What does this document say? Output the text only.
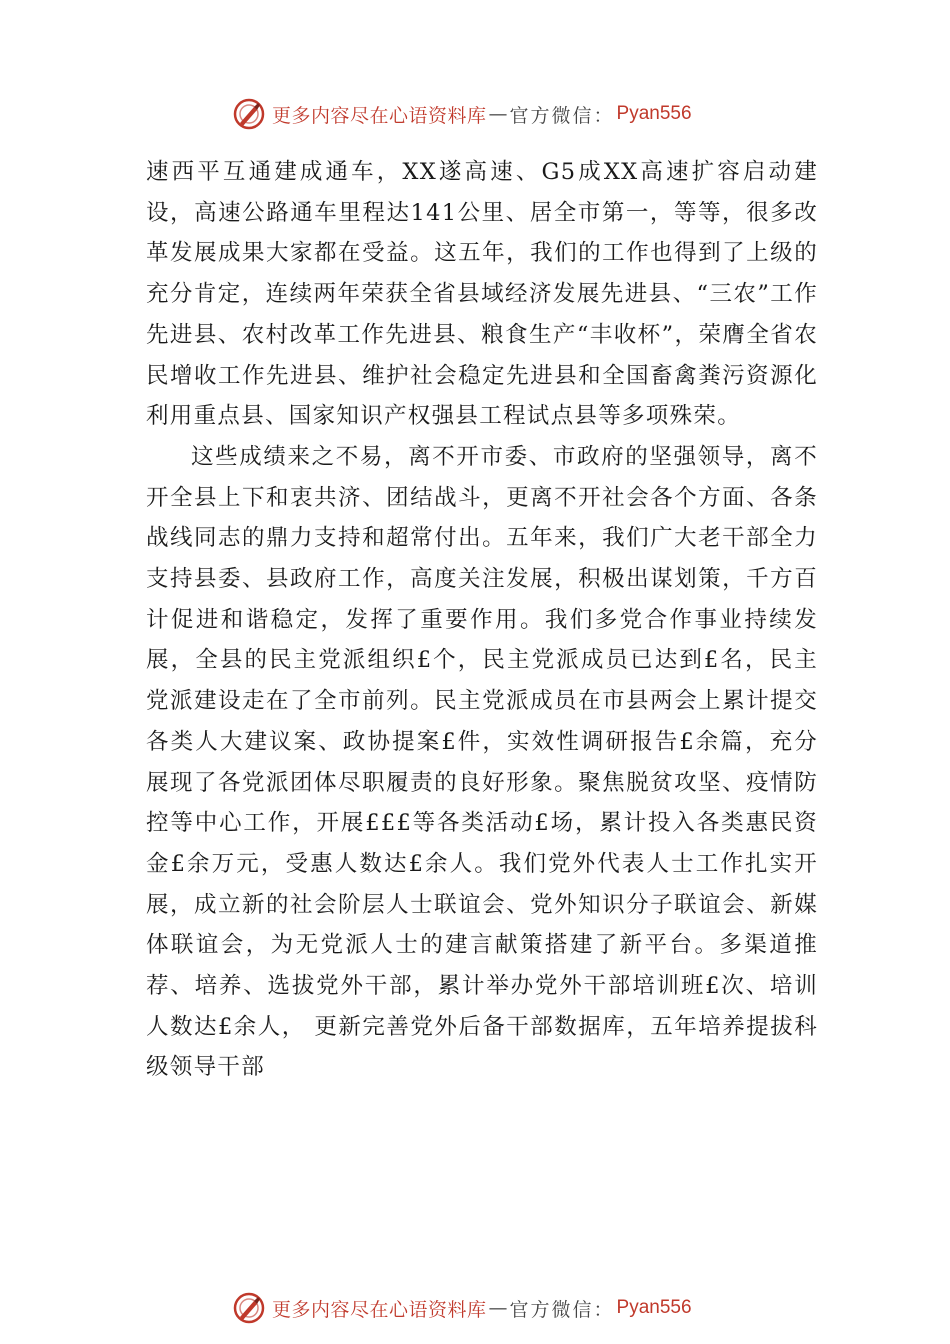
更多内容尽在心语资料库 — 官方微信： Pyan556

速西平互通建成通车，XX遂高速、G5成XX高速扩容启动建设，高速公路通车里程达141公里、居全市第一，等等，很多改革发展成果大家都在受益。这五年，我们的工作也得到了上级的充分肯定，连续两年荣获全省县域经济发展先进县、“三农”工作先进县、农村改革工作先进县、粮食生产“丰收杯”，荣膺全省农民增收工作先进县、维护社会稳定先进县和全国畜禽粪污资源化利用重点县、国家知识产权强县工程试点县等多项殊荣。

这些成绩来之不易，离不开市委、市政府的坚强领导，离不开全县上下和衷共济、团结战斗，更离不开社会各个方面、各条战线同志的鼎力支持和超常付出。五年来，我们广大老干部全力支持县委、县政府工作，高度关注发展，积极出谋划策，千方百计促进和谐稳定，发挥了重要作用。我们多党合作事业持续发展，全县的民主党派组织£个，民主党派成员已达到£名，民主党派建设走在了全市前列。民主党派成员在市县两会上累计提交各类人大建议案、政协提案£件，实效性调研报告£余篇，充分展现了各党派团体尽职履责的良好形象。聚焦脱贫攻坚、疫情防控等中心工作，开展£££等各类活动£场，累计投入各类惠民资金£余万元，受惠人数达£余人。我们党外代表人士工作扎实开展，成立新的社会阶层人士联谊会、党外知识分子联谊会、新媒体联谊会，为无党派人士的建言献策搭建了新平台。多渠道推荐、培养、选拔党外干部，累计举办党外干部培训班£次、培训人数达£余人， 更新完善党外后备干部数据库，五年培养提拔科级领导干部

更多内容尽在心语资料库 — 官方微信： Pyan556
